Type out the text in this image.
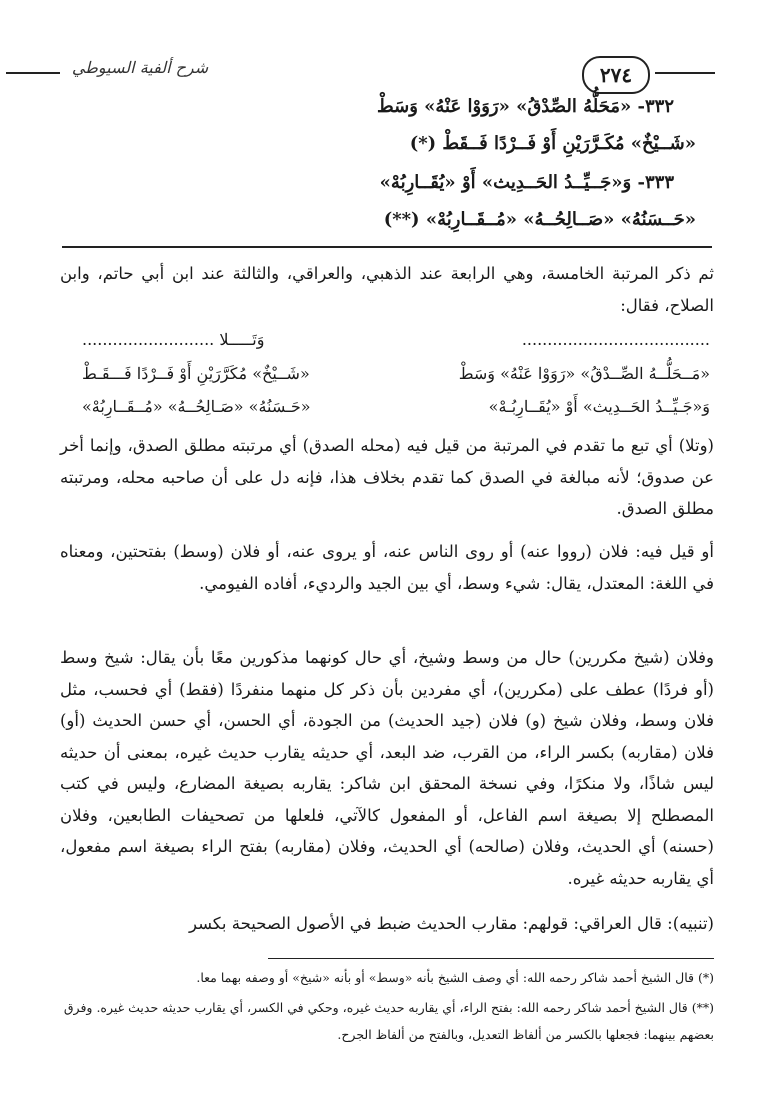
شرح ألفية السيوطي	٢٧٤
٣٣٢- «مَحَلُّهُ الصِّدْقُ» «رَوَوْا عَنْهُ» وَسَطْ
«شَــيْخٌ» مُكَـرَّرَيْنِ أَوْ فَــرْدًا فَــقَطْ (*)
٣٣٣- وَ«جَــيِّــدُ الحَــدِيث» أَوْ «يُقَــارِبُهْ»
«حَــسَنُهُ» «صَــالِحُــهُ» «مُــقَــارِبُهْ» (**)
ثم ذكر المرتبة الخامسة، وهي الرابعة عند الذهبي، والعراقي، والثالثة عند ابن أبي حاتم، وابن الصلاح، فقال:
.....................................
وَتَـــــلا ..........................
«مَــحَلُّــهُ الصِّــدْقُ» «رَوَوْا عَنْهُ» وَسَطْ
«شَــيْخٌ» مُكَرَّرَيْنِ أَوْ فَــرْدًا فَـــقَـطْ
وَ«جَـيِّــدُ الحَــدِيث» أَوْ «يُقَــارِبُـهْ»
«حَـسَنُهُ» «صَـالِحُــهُ» «مُــقَــارِبُهْ»
(وتلا) أي تبع ما تقدم في المرتبة من قيل فيه (محله الصدق) أي مرتبته مطلق الصدق، وإنما أخر عن صدوق؛ لأنه مبالغة في الصدق كما تقدم بخلاف هذا، فإنه دل على أن صاحبه محله، ومرتبته مطلق الصدق.
أو قيل فيه: فلان (رووا عنه) أو روى الناس عنه، أو يروى عنه، أو فلان (وسط) بفتحتين، ومعناه في اللغة: المعتدل، يقال: شيء وسط، أي بين الجيد والرديء، أفاده الفيومي.
وفلان (شيخ مكررين) حال من وسط وشيخ، أي حال كونهما مذكورين معًا بأن يقال: شيخ وسط (أو فردًا) عطف على (مكررين)، أي مفردين بأن ذكر كل منهما منفردًا (فقط) أي فحسب، مثل فلان وسط، وفلان شيخ (و) فلان (جيد الحديث) من الجودة، أي الحسن، أي حسن الحديث (أو) فلان (مقاربه) بكسر الراء، من القرب، ضد البعد، أي حديثه يقارب حديث غيره، بمعنى أن حديثه ليس شاذًا، ولا منكرًا، وفي نسخة المحقق ابن شاكر: يقاربه بصيغة المضارع، وليس في كتب المصطلح إلا بصيغة اسم الفاعل، أو المفعول كالآتي، فلعلها من تصحيفات الطابعين، وفلان (حسنه) أي الحديث، وفلان (صالحه) أي الحديث، وفلان (مقاربه) بفتح الراء بصيغة اسم مفعول، أي يقاربه حديثه غيره.
(تنبيه): قال العراقي: قولهم: مقارب الحديث ضبط في الأصول الصحيحة بكسر
(*) قال الشيخ أحمد شاكر رحمه الله: أي وصف الشيخ بأنه «وسط» أو بأنه «شيخ» أو وصفه بهما معا.
(**) قال الشيخ أحمد شاكر رحمه الله: بفتح الراء، أي يقاربه حديث غيره، وحكي في الكسر، أي يقارب حديثه حديث غيره. وفرق بعضهم بينهما: فجعلها بالكسر من ألفاظ التعديل، وبالفتح من ألفاظ الجرح.
